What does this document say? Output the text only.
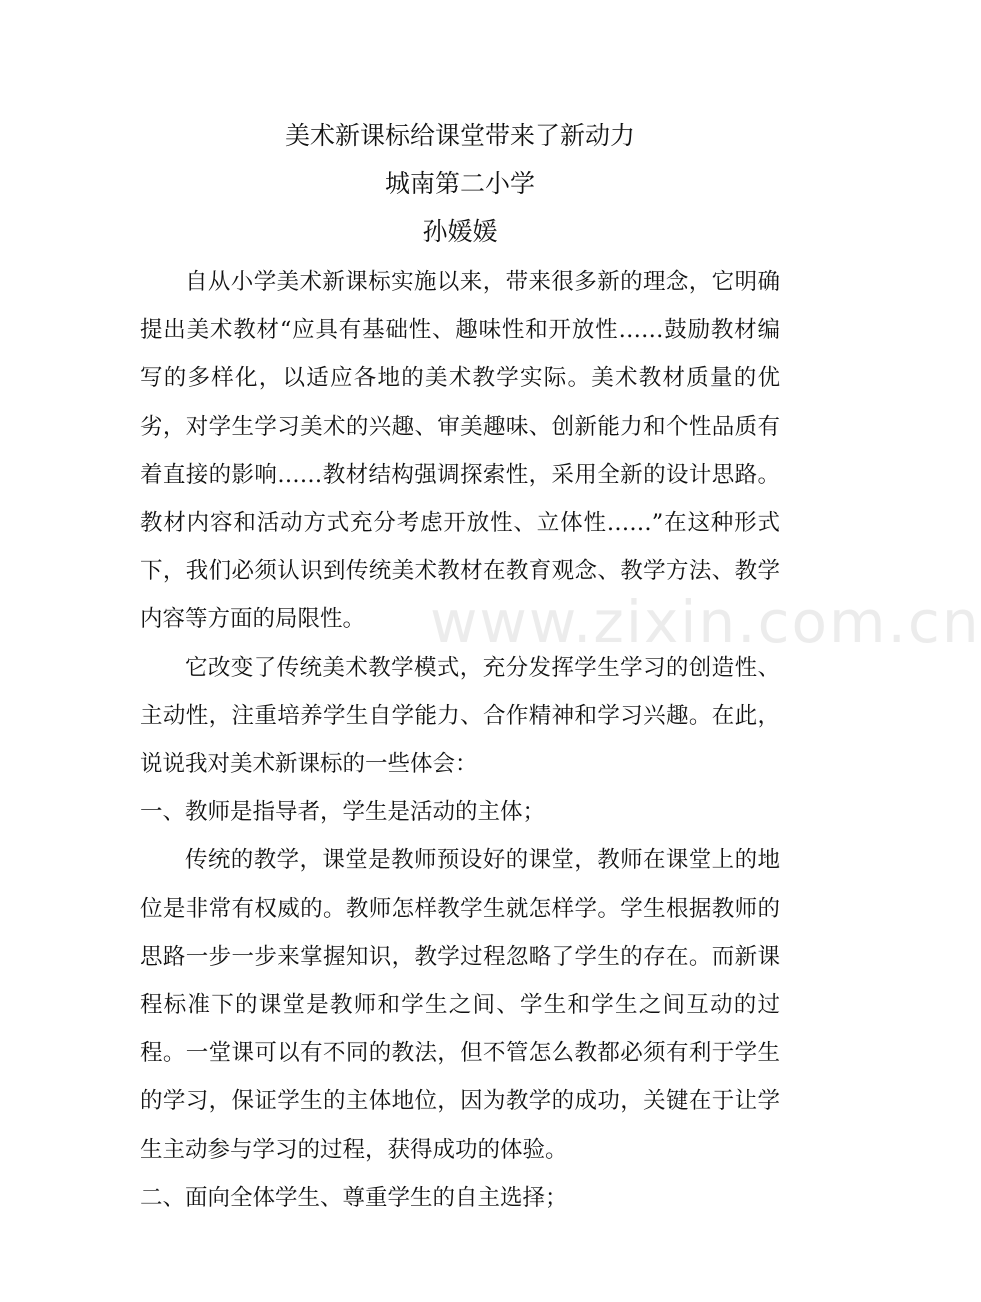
美术新课标给课堂带来了新动力
城南第二小学
孙媛媛

自从小学美术新课标实施以来，带来很多新的理念，它明确提出美术教材“应具有基础性、趣味性和开放性……鼓励教材编写的多样化，以适应各地的美术教学实际。美术教材质量的优劣，对学生学习美术的兴趣、审美趣味、创新能力和个性品质有着直接的影响……教材结构强调探索性，采用全新的设计思路。教材内容和活动方式充分考虑开放性、立体性……”在这种形式下，我们必须认识到传统美术教材在教育观念、教学方法、教学内容等方面的局限性。

它改变了传统美术教学模式，充分发挥学生学习的创造性、主动性，注重培养学生自学能力、合作精神和学习兴趣。在此，说说我对美术新课标的一些体会：

一、教师是指导者，学生是活动的主体；

传统的教学，课堂是教师预设好的课堂，教师在课堂上的地位是非常有权威的。教师怎样教学生就怎样学。学生根据教师的思路一步一步来掌握知识，教学过程忽略了学生的存在。而新课程标准下的课堂是教师和学生之间、学生和学生之间互动的过程。一堂课可以有不同的教法，但不管怎么教都必须有利于学生的学习，保证学生的主体地位，因为教学的成功，关键在于让学生主动参与学习的过程，获得成功的体验。

二、面向全体学生、尊重学生的自主选择；

www.zixin.com.cn
